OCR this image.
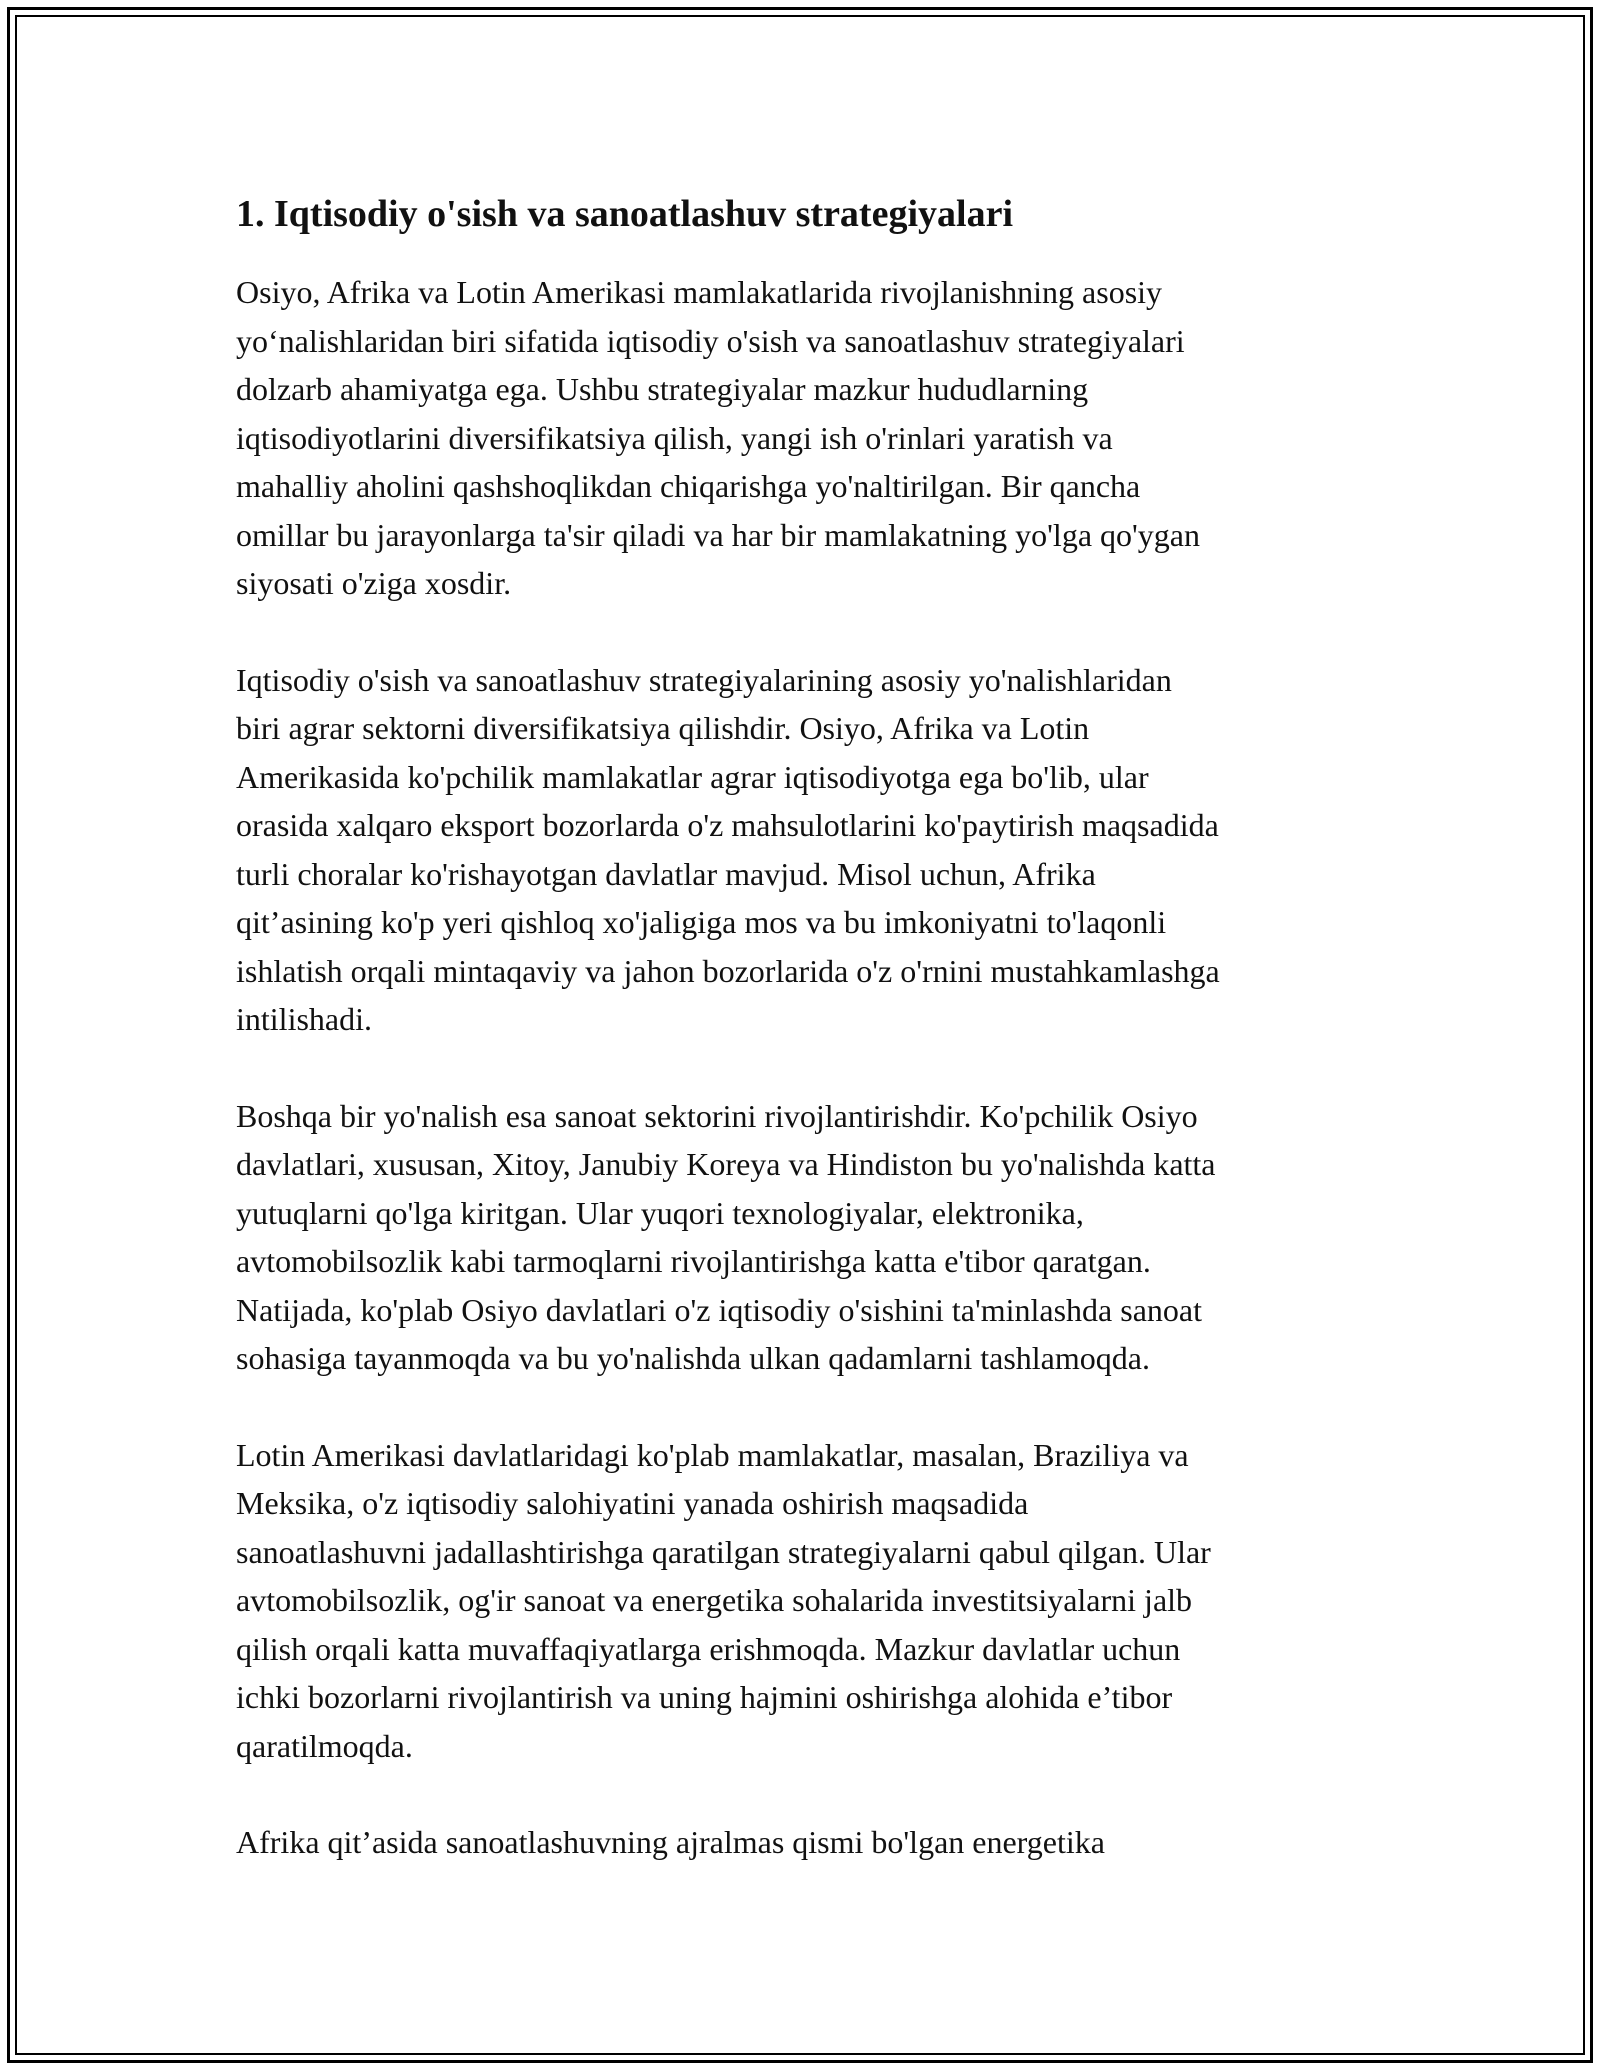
1. Iqtisodiy o'sish va sanoatlashuv strategiyalari

Osiyo, Afrika va Lotin Amerikasi mamlakatlarida rivojlanishning asosiy
yo‘nalishlaridan biri sifatida iqtisodiy o'sish va sanoatlashuv strategiyalari
dolzarb ahamiyatga ega. Ushbu strategiyalar mazkur hududlarning
iqtisodiyotlarini diversifikatsiya qilish, yangi ish o'rinlari yaratish va
mahalliy aholini qashshoqlikdan chiqarishga yo'naltirilgan. Bir qancha
omillar bu jarayonlarga ta'sir qiladi va har bir mamlakatning yo'lga qo'ygan
siyosati o'ziga xosdir.

Iqtisodiy o'sish va sanoatlashuv strategiyalarining asosiy yo'nalishlaridan
biri agrar sektorni diversifikatsiya qilishdir. Osiyo, Afrika va Lotin
Amerikasida ko'pchilik mamlakatlar agrar iqtisodiyotga ega bo'lib, ular
orasida xalqaro eksport bozorlarda o'z mahsulotlarini ko'paytirish maqsadida
turli choralar ko'rishayotgan davlatlar mavjud. Misol uchun, Afrika
qit’asining ko'p yeri qishloq xo'jaligiga mos va bu imkoniyatni to'laqonli
ishlatish orqali mintaqaviy va jahon bozorlarida o'z o'rnini mustahkamlashga
intilishadi.

Boshqa bir yo'nalish esa sanoat sektorini rivojlantirishdir. Ko'pchilik Osiyo
davlatlari, xususan, Xitoy, Janubiy Koreya va Hindiston bu yo'nalishda katta
yutuqlarni qo'lga kiritgan. Ular yuqori texnologiyalar, elektronika,
avtomobilsozlik kabi tarmoqlarni rivojlantirishga katta e'tibor qaratgan.
Natijada, ko'plab Osiyo davlatlari o'z iqtisodiy o'sishini ta'minlashda sanoat
sohasiga tayanmoqda va bu yo'nalishda ulkan qadamlarni tashlamoqda.

Lotin Amerikasi davlatlaridagi ko'plab mamlakatlar, masalan, Braziliya va
Meksika, o'z iqtisodiy salohiyatini yanada oshirish maqsadida
sanoatlashuvni jadallashtirishga qaratilgan strategiyalarni qabul qilgan. Ular
avtomobilsozlik, og'ir sanoat va energetika sohalarida investitsiyalarni jalb
qilish orqali katta muvaffaqiyatlarga erishmoqda. Mazkur davlatlar uchun
ichki bozorlarni rivojlantirish va uning hajmini oshirishga alohida e’tibor
qaratilmoqda.

Afrika qit’asida sanoatlashuvning ajralmas qismi bo'lgan energetika
